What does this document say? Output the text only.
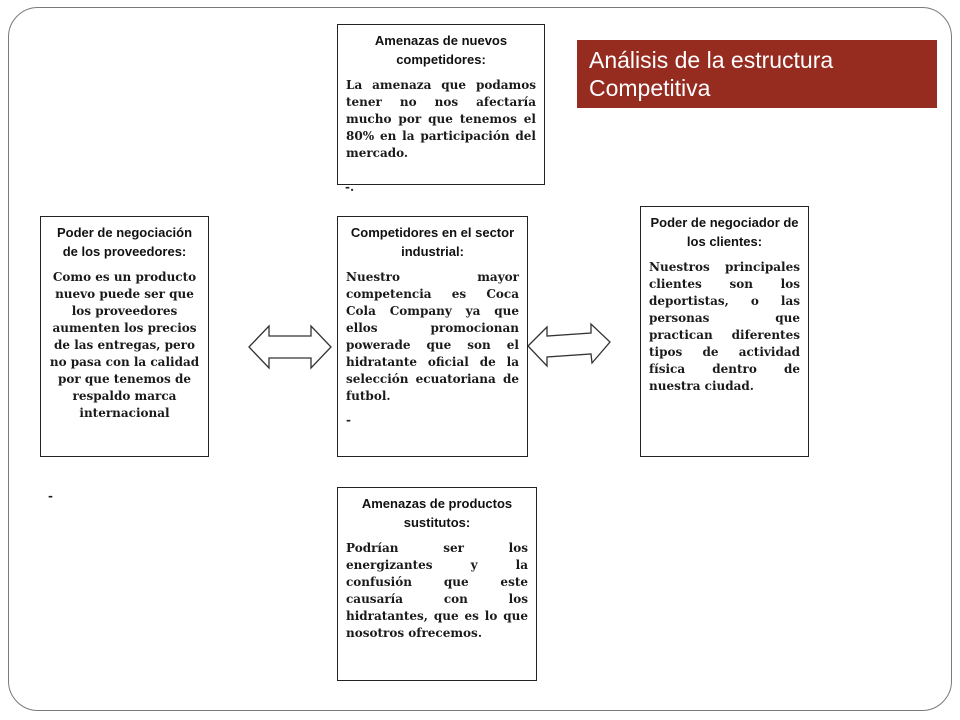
Análisis de la estructura Competitiva
Amenazas de nuevos competidores:

La amenaza que podamos tener no nos afectaría mucho por que tenemos el 80% en la participación del mercado.

-.
Poder de negociación de los proveedores:

Como es un producto nuevo puede ser que los proveedores aumenten los precios de las entregas, pero no pasa con la calidad por que tenemos de respaldo marca internacional

Competidores en el sector industrial:

Nuestro mayor competencia es Coca Cola Company ya que ellos promocionan powerade que son el hidratante oficial de la selección ecuatoriana de futbol.

-
Poder de negociador de los clientes:

Nuestros principales clientes son los deportistas, o las personas que practican diferentes tipos de actividad física dentro de nuestra ciudad.

Amenazas de productos sustitutos:

Podrían ser los energizantes y la confusión que este causaría con los hidratantes, que es lo que nosotros ofrecemos.

-
